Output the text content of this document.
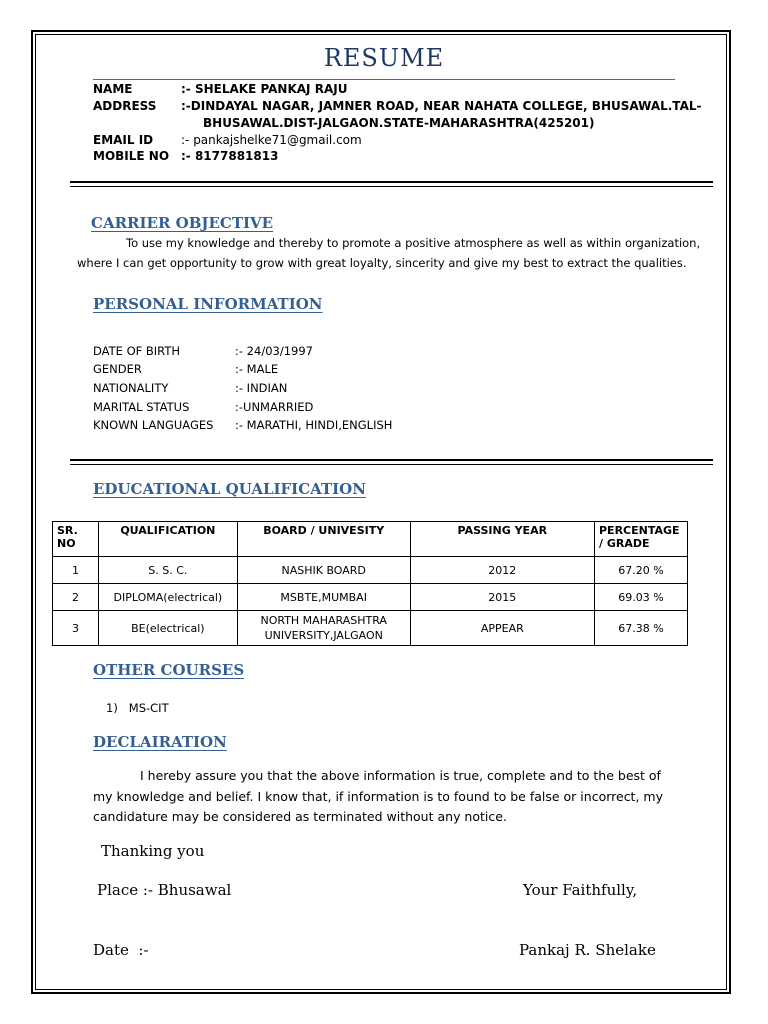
RESUME
NAME	:- SHELAKE PANKAJ RAJU
ADDRESS :-DINDAYAL NAGAR, JAMNER ROAD, NEAR NAHATA COLLEGE, BHUSAWAL.TAL-
BHUSAWAL.DIST-JALGAON.STATE-MAHARASHTRA(425201)
EMAIL ID :- pankajshelke71@gmail.com
MOBILE NO :- 8177881813
CARRIER OBJECTIVE
To use my knowledge and thereby to promote a positive atmosphere as well as within organization,
where I can get opportunity to grow with great loyalty, sincerity and give my best to extract the qualities.
PERSONAL INFORMATION
DATE OF BIRTH	:- 24/03/1997
GENDER	:- MALE
NATIONALITY	:- INDIAN
MARITAL STATUS	:-UNMARRIED
KNOWN LANGUAGES :- MARATHI, HINDI,ENGLISH
EDUCATIONAL QUALIFICATION
SR. NO	QUALIFICATION	BOARD / UNIVESITY	PASSING YEAR	PERCENTAGE / GRADE
1	S. S. C.	NASHIK BOARD	2012	67.20 %
2	DIPLOMA(electrical)	MSBTE,MUMBAI	2015	69.03 %
3	BE(electrical)	NORTH MAHARASHTRA UNIVERSITY,JALGAON	APPEAR	67.38 %
OTHER COURSES
1)   MS-CIT
DECLAIRATION
I hereby assure you that the above information is true, complete and to the best of
my knowledge and belief. I know that, if information is to found to be false or incorrect, my
candidature may be considered as terminated without any notice.
Thanking you
Place :- Bhusawal	Your Faithfully,
Date  :-	Pankaj R. Shelake
